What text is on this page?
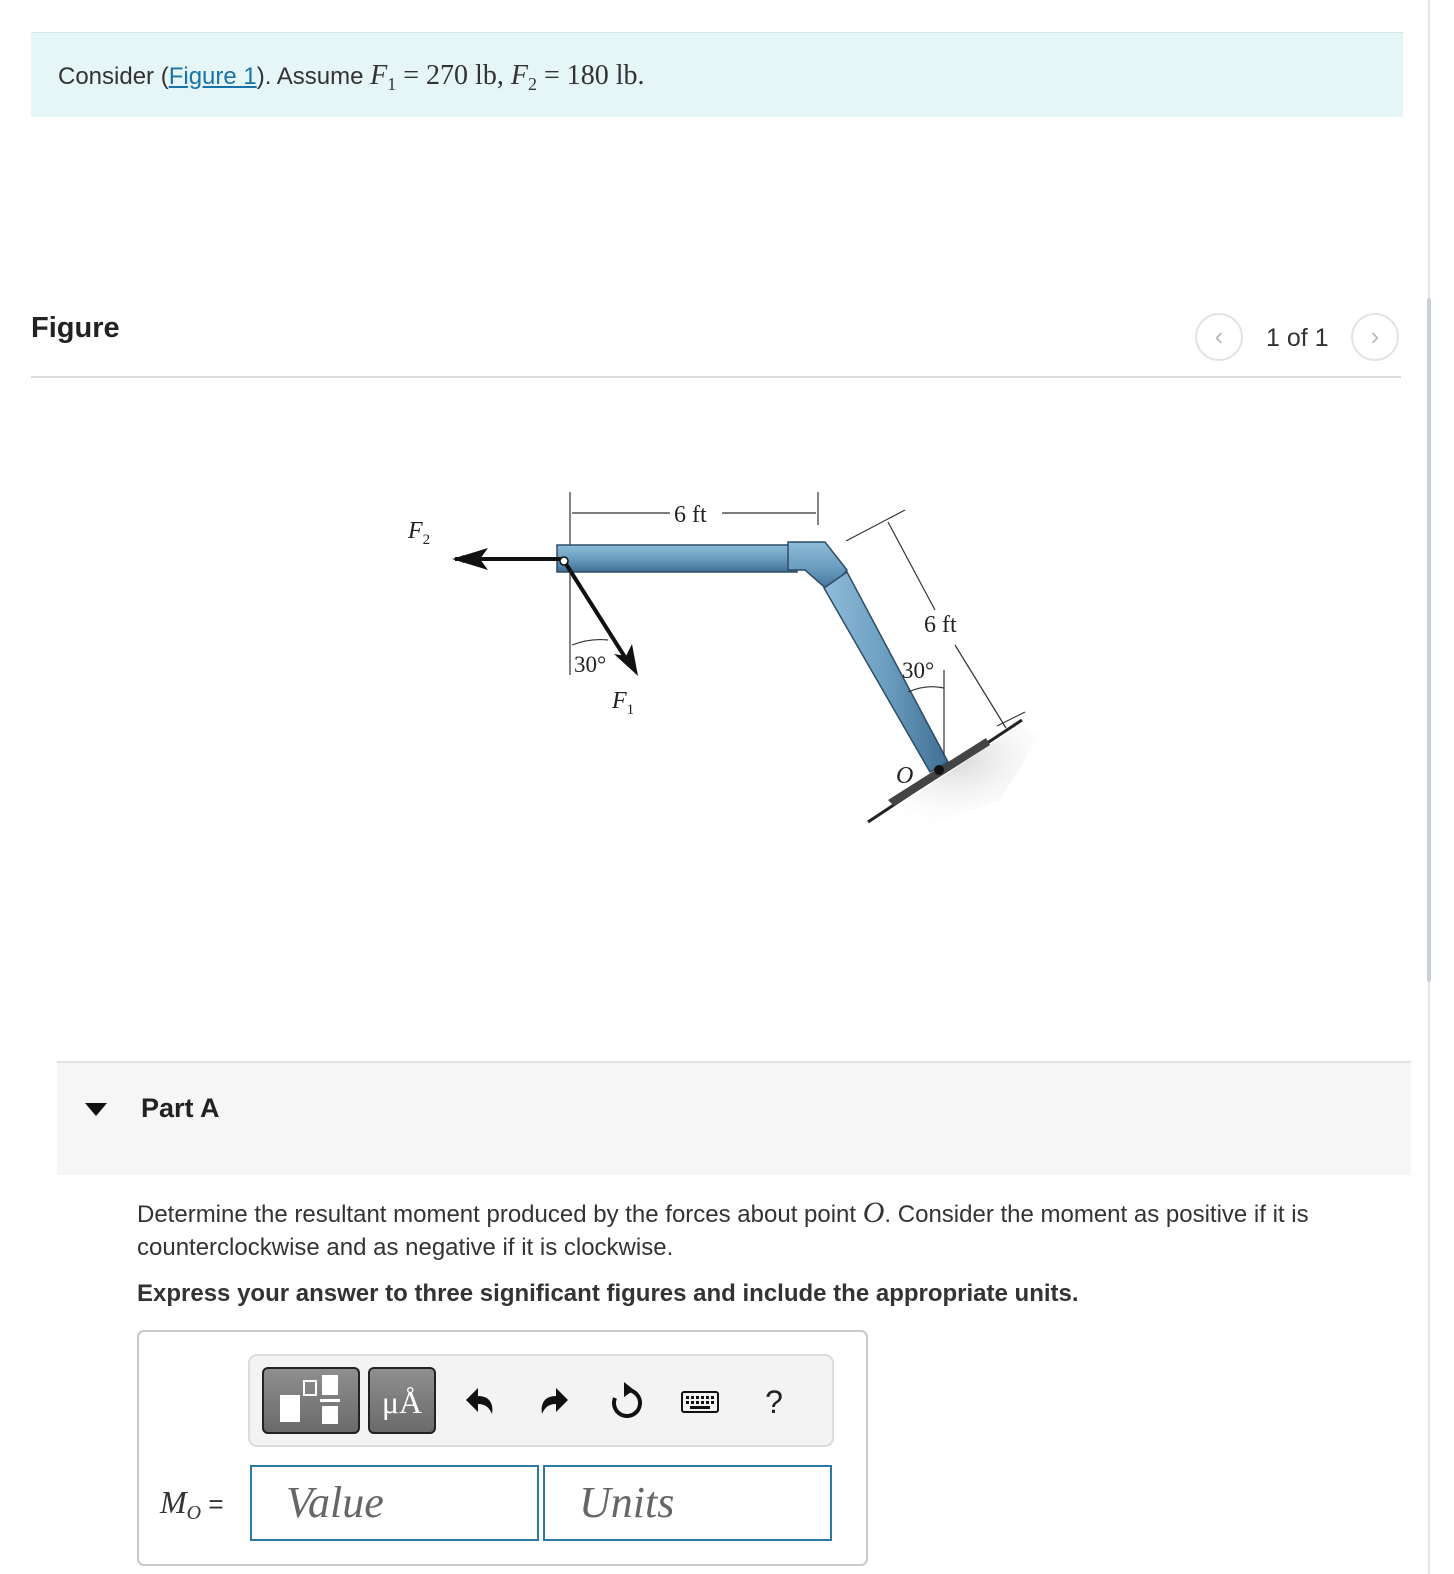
Consider (Figure 1). Assume $F_1 = 270$ lb, $F_2 = 180$ lb.
Figure	‹	1 of 1	›
6 ft
6 ft
30°
O
$F_2$
30°
$F_1$
Part A
Determine the resultant moment produced by the forces about point O. Consider the moment as positive if it is counterclockwise and as negative if it is clockwise.
Express your answer to three significant figures and include the appropriate units.
μÅ	?
$M_O$ =	Value	Units
